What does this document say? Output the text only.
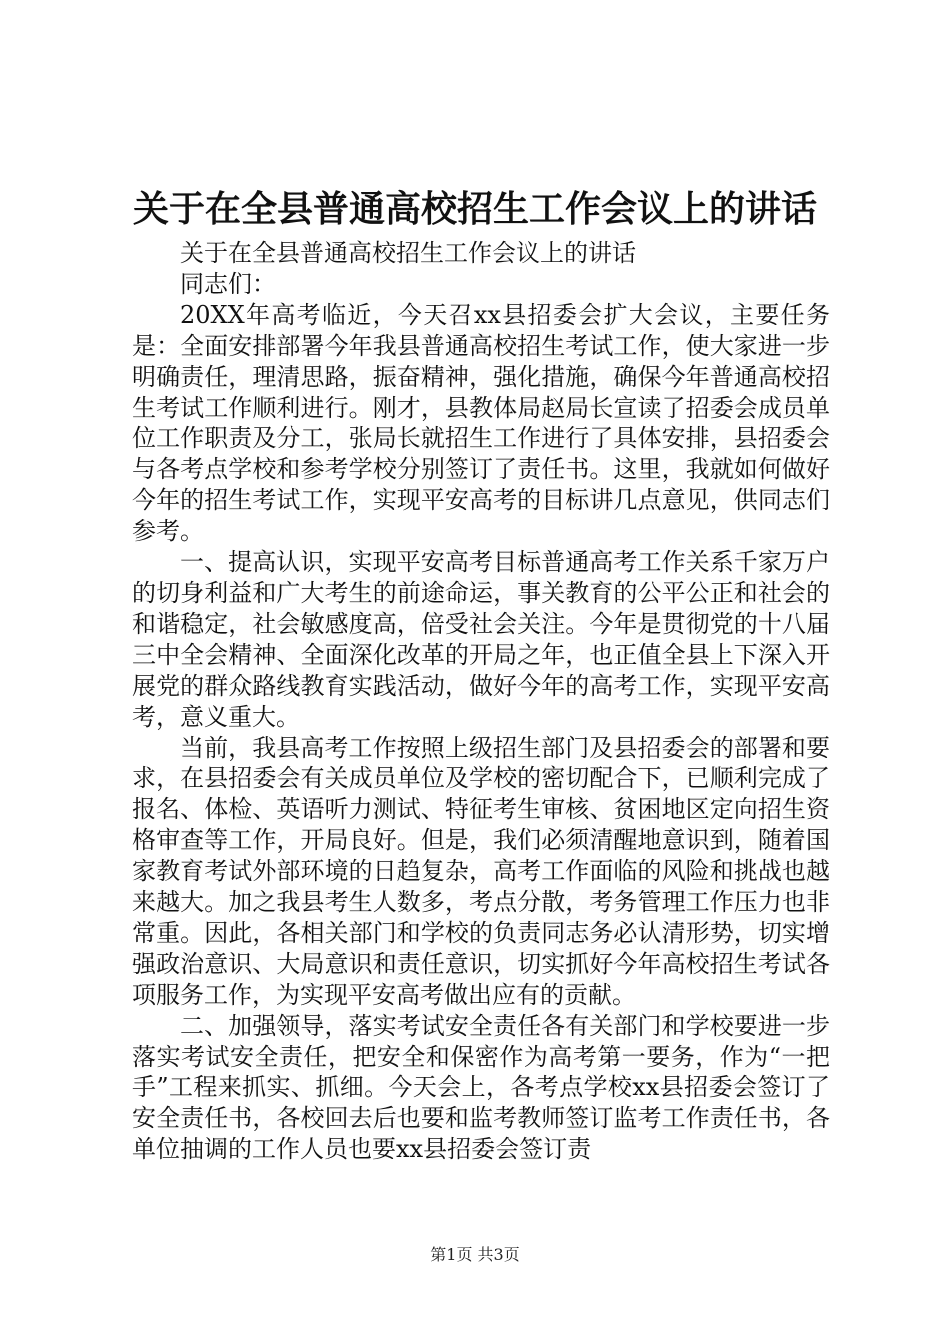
关于在全县普通高校招生工作会议上的讲话

关于在全县普通高校招生工作会议上的讲话

同志们：

20XX年高考临近，今天召xx县招委会扩大会议，主要任务是：全面安排部署今年我县普通高校招生考试工作，使大家进一步明确责任，理清思路，振奋精神，强化措施，确保今年普通高校招生考试工作顺利进行。刚才，县教体局赵局长宣读了招委会成员单位工作职责及分工，张局长就招生工作进行了具体安排，县招委会与各考点学校和参考学校分别签订了责任书。这里，我就如何做好今年的招生考试工作，实现平安高考的目标讲几点意见，供同志们参考。

一、提高认识，实现平安高考目标普通高考工作关系千家万户的切身利益和广大考生的前途命运，事关教育的公平公正和社会的和谐稳定，社会敏感度高，倍受社会关注。今年是贯彻党的十八届三中全会精神、全面深化改革的开局之年，也正值全县上下深入开展党的群众路线教育实践活动，做好今年的高考工作，实现平安高考，意义重大。

当前，我县高考工作按照上级招生部门及县招委会的部署和要求，在县招委会有关成员单位及学校的密切配合下，已顺利完成了报名、体检、英语听力测试、特征考生审核、贫困地区定向招生资格审查等工作，开局良好。但是，我们必须清醒地意识到，随着国家教育考试外部环境的日趋复杂，高考工作面临的风险和挑战也越来越大。加之我县考生人数多，考点分散，考务管理工作压力也非常重。因此，各相关部门和学校的负责同志务必认清形势，切实增强政治意识、大局意识和责任意识，切实抓好今年高校招生考试各项服务工作，为实现平安高考做出应有的贡献。

二、加强领导，落实考试安全责任各有关部门和学校要进一步落实考试安全责任，把安全和保密作为高考第一要务，作为“一把手”工程来抓实、抓细。今天会上，各考点学校xx县招委会签订了安全责任书，各校回去后也要和监考教师签订监考工作责任书，各单位抽调的工作人员也要xx县招委会签订责

第1页 共3页
